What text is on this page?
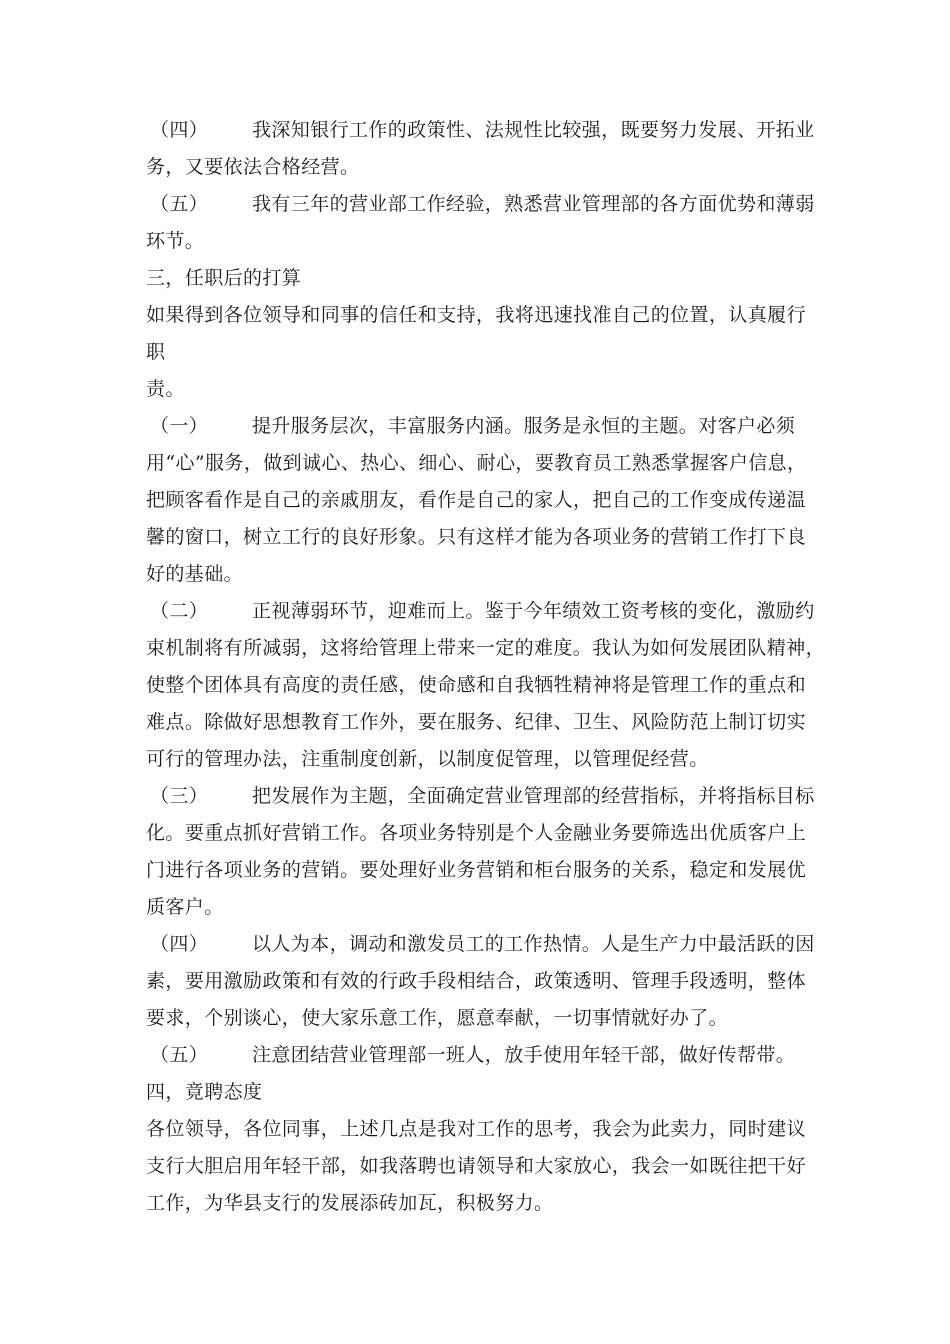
（四）	我深知银行工作的政策性、法规性比较强，既要努力发展、开拓业
务，又要依法合格经营。
（五）	我有三年的营业部工作经验，熟悉营业管理部的各方面优势和薄弱
环节。
三，任职后的打算
如果得到各位领导和同事的信任和支持，我将迅速找准自己的位置，认真履行
职
责。
（一）	提升服务层次，丰富服务内涵。服务是永恒的主题。对客户必须
用“心”服务，做到诚心、热心、细心、耐心，要教育员工熟悉掌握客户信息，
把顾客看作是自己的亲戚朋友，看作是自己的家人，把自己的工作变成传递温
馨的窗口，树立工行的良好形象。只有这样才能为各项业务的营销工作打下良
好的基础。
（二）	正视薄弱环节，迎难而上。鉴于今年绩效工资考核的变化，激励约
束机制将有所减弱，这将给管理上带来一定的难度。我认为如何发展团队精神，
使整个团体具有高度的责任感，使命感和自我牺牲精神将是管理工作的重点和
难点。除做好思想教育工作外，要在服务、纪律、卫生、风险防范上制订切实
可行的管理办法，注重制度创新，以制度促管理，以管理促经营。
（三）	把发展作为主题，全面确定营业管理部的经营指标，并将指标目标
化。要重点抓好营销工作。各项业务特别是个人金融业务要筛选出优质客户上
门进行各项业务的营销。要处理好业务营销和柜台服务的关系，稳定和发展优
质客户。
（四）	以人为本，调动和激发员工的工作热情。人是生产力中最活跃的因
素，要用激励政策和有效的行政手段相结合，政策透明、管理手段透明，整体
要求，个别谈心，使大家乐意工作，愿意奉献，一切事情就好办了。
（五）	注意团结营业管理部一班人，放手使用年轻干部，做好传帮带。
四，竟聘态度
各位领导，各位同事，上述几点是我对工作的思考，我会为此卖力，同时建议
支行大胆启用年轻干部，如我落聘也请领导和大家放心，我会一如既往把干好
工作，为华县支行的发展添砖加瓦，积极努力。
